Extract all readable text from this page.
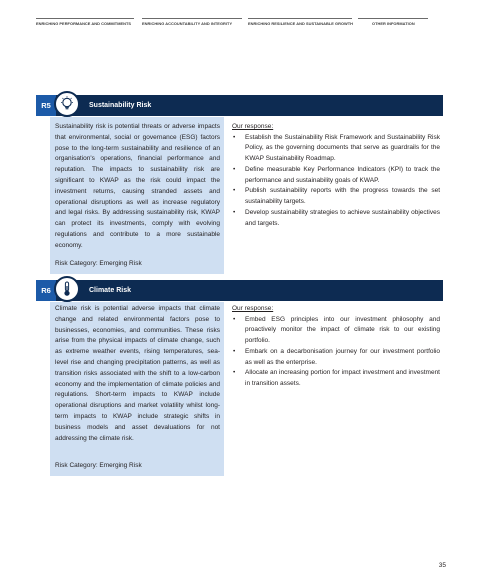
ENRICHING PERFORMANCE AND COMMITMENTS	ENRICHING ACCOUNTABILITY AND INTEGRITY	ENRICHING RESILIENCE AND SUSTAINABLE GROWTH	OTHER INFORMATION
R5	Sustainability Risk

Sustainability risk is potential threats or adverse impacts that environmental, social or governance (ESG) factors pose to the long-term sustainability and resilience of an organisation's operations, financial performance and reputation. The impacts to sustainability risk are significant to KWAP as the risk could impact the investment returns, causing stranded assets and operational disruptions as well as increase regulatory and legal risks. By addressing sustainability risk, KWAP can protect its investments, comply with evolving regulations and contribute to a more sustainable economy.

Risk Category: Emerging Risk
Our response:
• Establish the Sustainability Risk Framework and Sustainability Risk Policy, as the governing documents that serve as guardrails for the KWAP Sustainability Roadmap.
• Define measurable Key Performance Indicators (KPI) to track the performance and sustainability goals of KWAP.
• Publish sustainability reports with the progress towards the set sustainability targets.
• Develop sustainability strategies to achieve sustainability objectives and targets.
R6	Climate Risk

Climate risk is potential adverse impacts that climate change and related environmental factors pose to businesses, economies, and communities. These risks arise from the physical impacts of climate change, such as extreme weather events, rising temperatures, sea-level rise and changing precipitation patterns, as well as transition risks associated with the shift to a low-carbon economy and the implementation of climate policies and regulations. Short-term impacts to KWAP include operational disruptions and market volatility whilst long-term impacts to KWAP include strategic shifts in business models and asset devaluations for not addressing the climate risk.

Risk Category: Emerging Risk
Our response:
• Embed ESG principles into our investment philosophy and proactively monitor the impact of climate risk to our existing portfolio.
• Embark on a decarbonisation journey for our investment portfolio as well as the enterprise.
• Allocate an increasing portion for impact investment and investment in transition assets.
35
